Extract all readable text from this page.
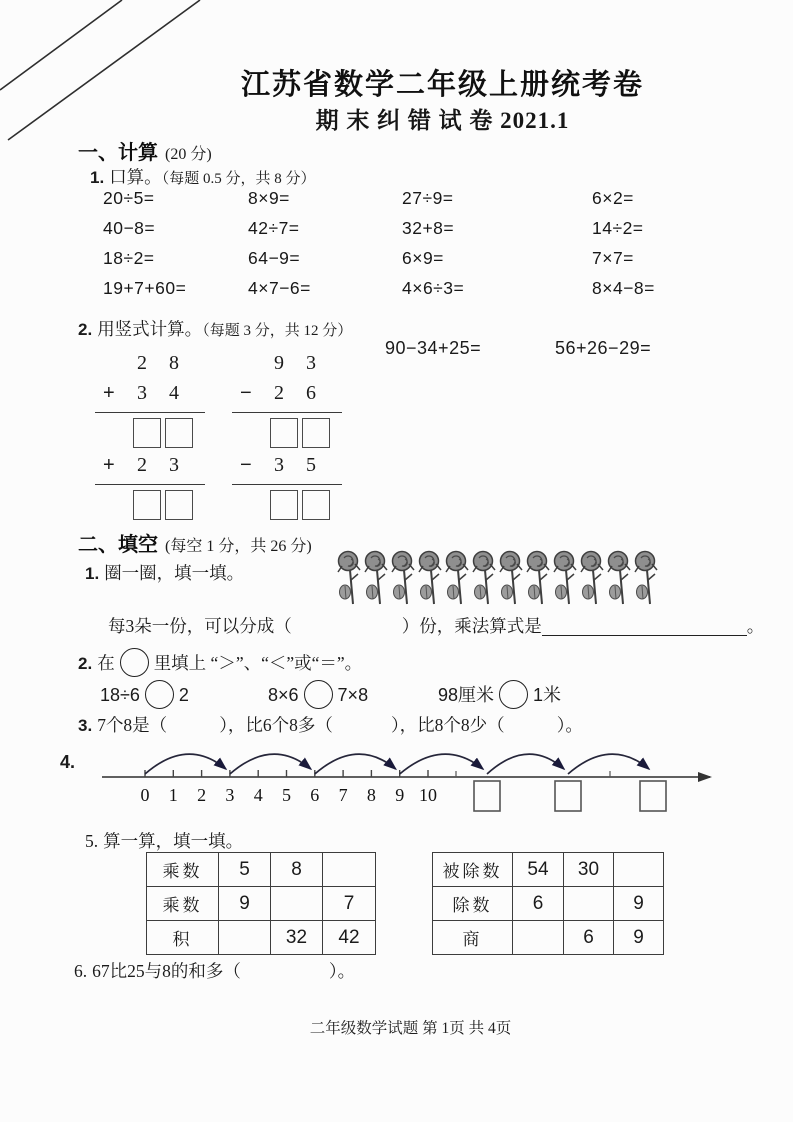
江苏省数学二年级上册统考卷
期 末 纠 错 试 卷 2021.1
一、计算 (20 分)
1. 口算。（每题 0.5 分，共 8 分）
20÷5=	8×9=	27÷9=	6×2=
40−8=	42÷7=	32+8=	14÷2=
18÷2=	64−9=	6×9=	7×7=
19+7+60=	4×7−6=	4×6÷3=	8×4−8=
2. 用竖式计算。（每题 3 分，共 12 分）
90−34+25=	56+26−29=
2 8
+ 3 4
+ 2 3
9 3
− 2 6
− 3 5
二、填空 (每空 1 分，共 26 分)
1. 圈一圈，填一填。
每3朵一份，可以分成（	）份，乘法算式是	。
2. 在 里填上 “＞”、“＜”或“＝”。
18÷6 2	8×6 7×8	98厘米 1米
3. 7个8是（	），比6个8多（	），比8个8少（	）。
4.
0 1 2 3 4 5 6 7 8 9 10
5. 算一算，填一填。
乘数	5	8	
乘数	9		7
积		32	42
被除数	54	30	
除数	6		9
商		6	9
6. 67比25与8的和多（	）。
二年级数学试题 第 1页 共 4页
